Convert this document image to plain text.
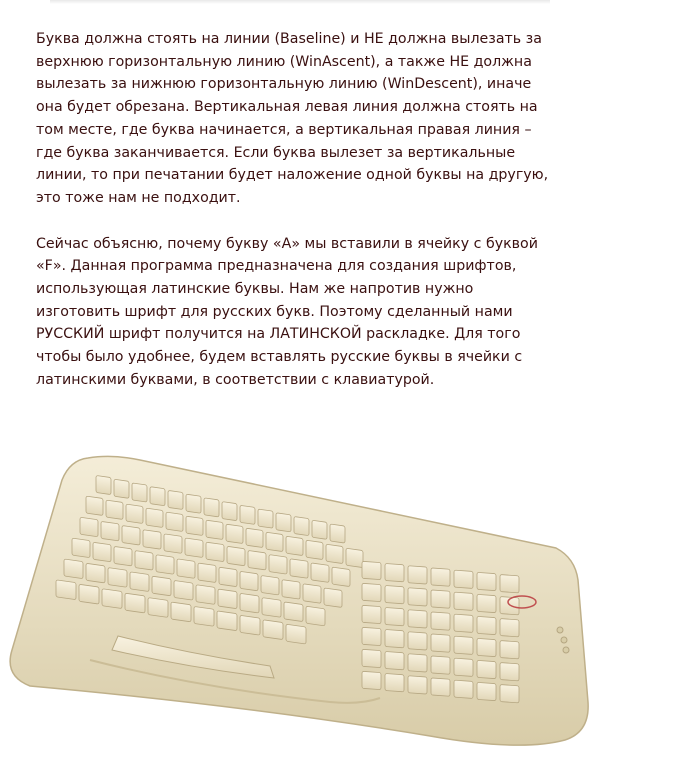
Буква должна стоять на линии (Baseline) и НЕ должна вылезать за верхнюю горизонтальную линию (WinAscent), а также НЕ должна вылезать за нижнюю горизонтальную линию (WinDescent), иначе она будет обрезана. Вертикальная левая линия должна стоять на том месте, где буква начинается, а вертикальная правая линия – где буква заканчивается. Если буква вылезет за вертикальные линии, то при печатании будет наложение одной буквы на другую, это тоже нам не подходит.

Сейчас объясню, почему букву «А» мы вставили в ячейку с буквой «F». Данная программа предназначена для создания шрифтов, использующая латинские буквы. Нам же напротив нужно изготовить шрифт для русских букв. Поэтому сделанный нами РУССКИЙ шрифт получится на ЛАТИНСКОЙ раскладке. Для того чтобы было удобнее, будем вставлять русские буквы в ячейки с латинскими буквами, в соответствии с клавиатурой.
